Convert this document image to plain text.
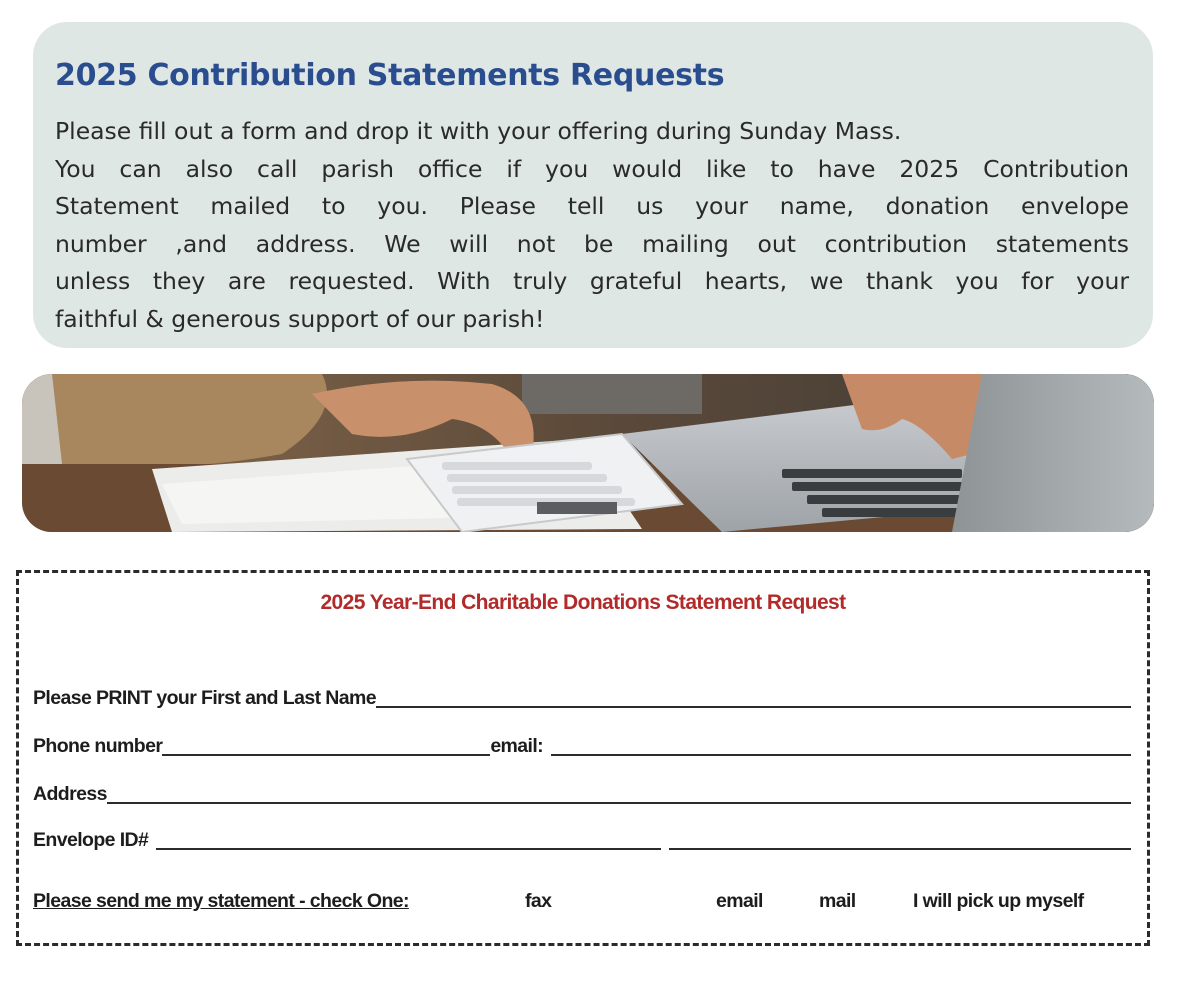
2025 Contribution Statements Requests

Please fill out a form and drop it with your offering during Sunday Mass.
You can also call parish office if you would like to have 2025 Contribution
Statement mailed to you. Please tell us your name, donation envelope
number ,and address. We will not be mailing out contribution statements
unless they are requested. With truly grateful hearts, we thank you for your
faithful & generous support of our parish!

2025 Year-End Charitable Donations Statement Request
Please PRINT your First and Last Name
Phone number	email:
Address
Envelope ID#
Please send me my statement - check One:	fax	email	mail	I will pick up myself
